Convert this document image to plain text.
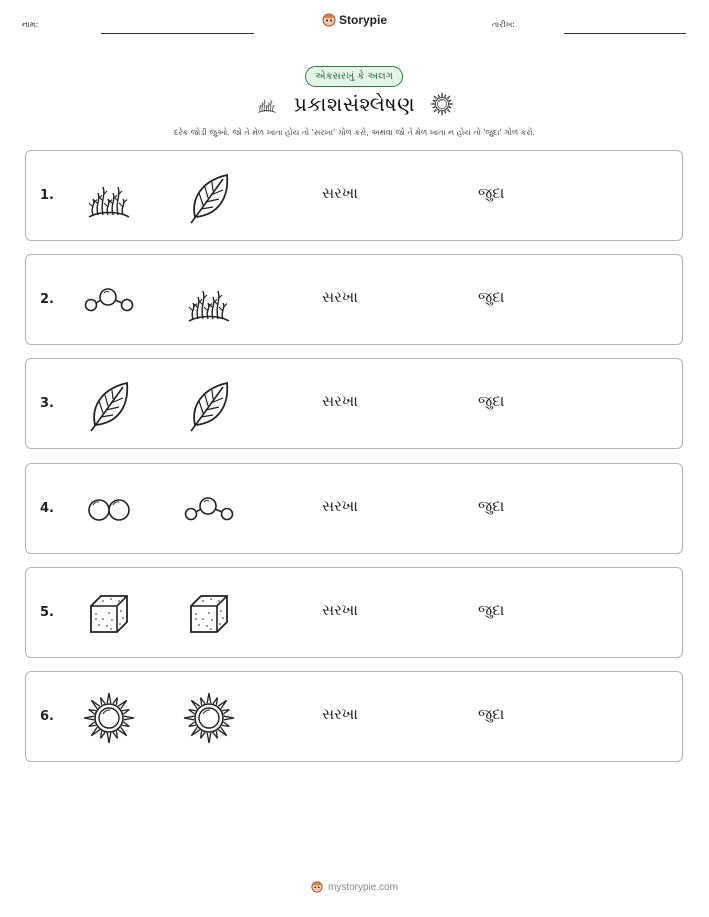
નામ:	Storypie	તારીખ:
એકસરખું કે અલગ
પ્રકાશસંશ્લેષણ
દરેક જોડી જુઓ. જો તે મેળ ખાતા હોય તો 'સરખા' ગોળ કરો, અથવા જો તે મેળ ખાતા ન હોય તો 'જુદા' ગોળ કરો.
1.	સરખા	જુદા
2.	સરખા	જુદા
3.	સરખા	જુદા
4.	સરખા	જુદા
5.	સરખા	જુદા
6.	સરખા	જુદા
mystorypie.com
